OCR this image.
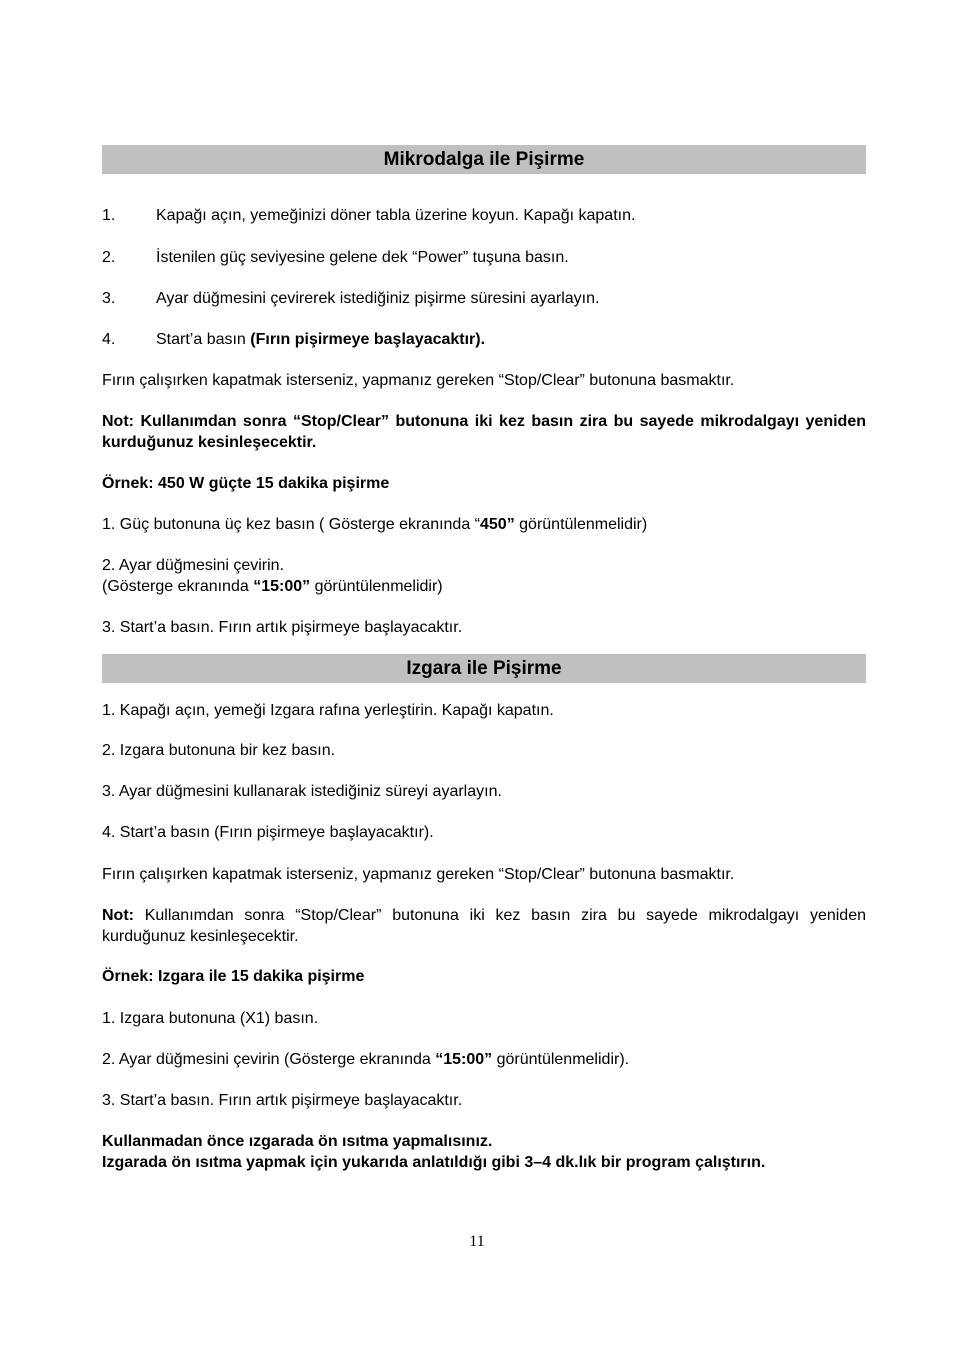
Mikrodalga ile Pişirme
1.	Kapağı açın, yemeğinizi döner tabla üzerine koyun. Kapağı kapatın.
2.	İstenilen güç seviyesine gelene dek “Power” tuşuna basın.
3.	Ayar düğmesini çevirerek istediğiniz pişirme süresini ayarlayın.
4.	Start’a basın (Fırın pişirmeye başlayacaktır).
Fırın çalışırken kapatmak isterseniz, yapmanız gereken “Stop/Clear” butonuna basmaktır.
Not: Kullanımdan sonra “Stop/Clear” butonuna iki kez basın zira bu sayede mikrodalgayı yeniden kurduğunuz kesinleşecektir.
Örnek: 450 W güçte 15 dakika pişirme
1. Güç butonuna üç kez basın ( Gösterge ekranında “450” görüntülenmelidir)
2. Ayar düğmesini çevirin.
(Gösterge ekranında “15:00” görüntülenmelidir)
3. Start’a basın. Fırın artık pişirmeye başlayacaktır.
Izgara ile Pişirme
1. Kapağı açın, yemeği Izgara rafına yerleştirin. Kapağı kapatın.
2. Izgara butonuna bir kez basın.
3. Ayar düğmesini kullanarak istediğiniz süreyi ayarlayın.
4. Start’a basın (Fırın pişirmeye başlayacaktır).
Fırın çalışırken kapatmak isterseniz, yapmanız gereken “Stop/Clear” butonuna basmaktır.
Not: Kullanımdan sonra “Stop/Clear” butonuna iki kez basın zira bu sayede mikrodalgayı yeniden kurduğunuz kesinleşecektir.
Örnek: Izgara ile 15 dakika pişirme
1. Izgara butonuna (X1) basın.
2. Ayar düğmesini çevirin (Gösterge ekranında “15:00” görüntülenmelidir).
3. Start’a basın. Fırın artık pişirmeye başlayacaktır.
Kullanmadan önce ızgarada ön ısıtma yapmalısınız.
Izgarada ön ısıtma yapmak için yukarıda anlatıldığı gibi 3–4 dk.lık bir program çalıştırın.
11
